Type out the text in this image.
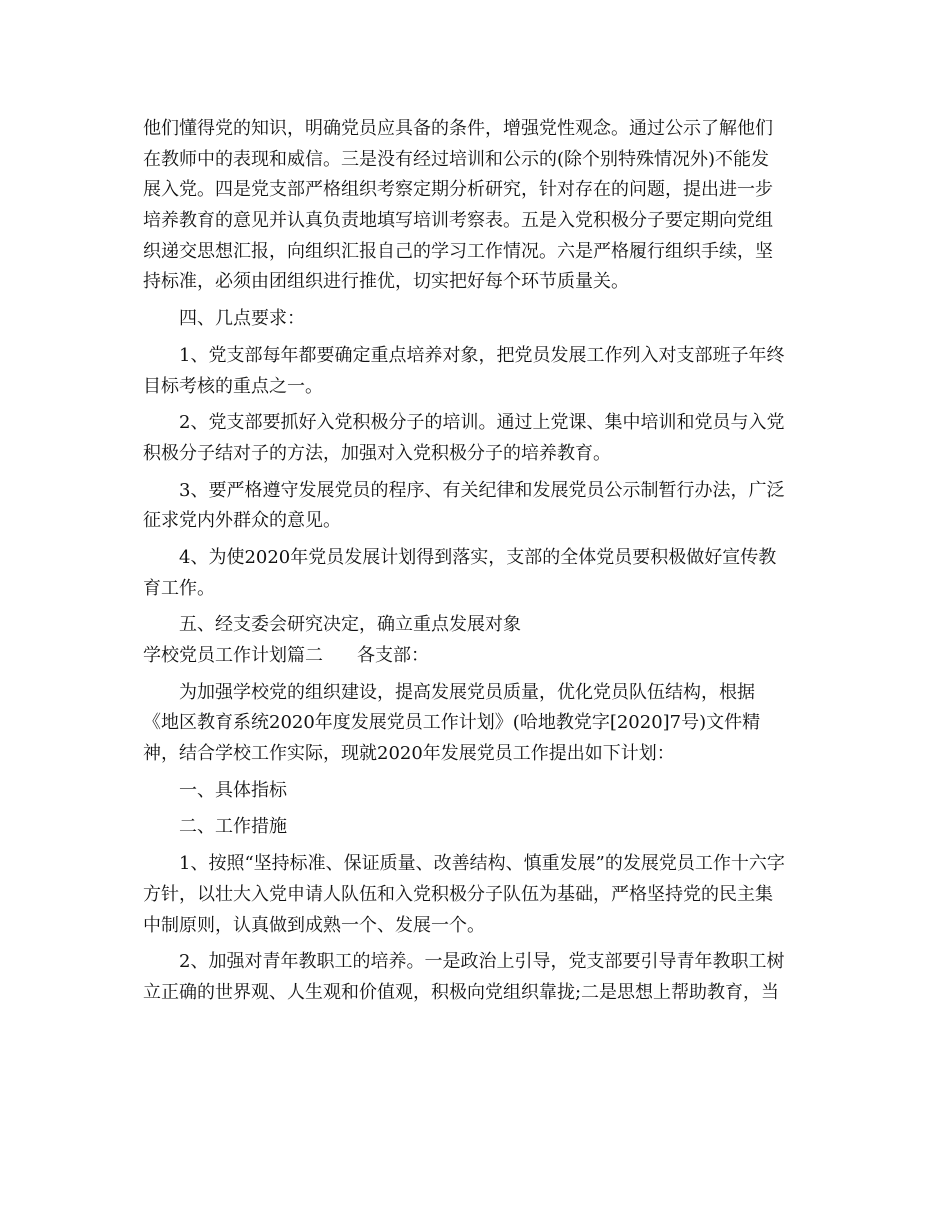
他们懂得党的知识，明确党员应具备的条件，增强党性观念。通过公示了解他们
在教师中的表现和威信。三是没有经过培训和公示的(除个别特殊情况外)不能发
展入党。四是党支部严格组织考察定期分析研究，针对存在的问题，提出进一步
培养教育的意见并认真负责地填写培训考察表。五是入党积极分子要定期向党组
织递交思想汇报，向组织汇报自己的学习工作情况。六是严格履行组织手续，坚
持标准，必须由团组织进行推优，切实把好每个环节质量关。
四、几点要求：
1、党支部每年都要确定重点培养对象，把党员发展工作列入对支部班子年终
目标考核的重点之一。
2、党支部要抓好入党积极分子的培训。通过上党课、集中培训和党员与入党
积极分子结对子的方法，加强对入党积极分子的培养教育。
3、要严格遵守发展党员的程序、有关纪律和发展党员公示制暂行办法，广泛
征求党内外群众的意见。
4、为使2020年党员发展计划得到落实，支部的全体党员要积极做好宣传教
育工作。
五、经支委会研究决定，确立重点发展对象
学校党员工作计划篇二 各支部：
为加强学校党的组织建设，提高发展党员质量，优化党员队伍结构，根据
《地区教育系统2020年度发展党员工作计划》(哈地教党字[2020]7号)文件精
神，结合学校工作实际，现就2020年发展党员工作提出如下计划：
一、具体指标
二、工作措施
1、按照“坚持标准、保证质量、改善结构、慎重发展”的发展党员工作十六字
方针，以壮大入党申请人队伍和入党积极分子队伍为基础，严格坚持党的民主集
中制原则，认真做到成熟一个、发展一个。
2、加强对青年教职工的培养。一是政治上引导，党支部要引导青年教职工树
立正确的世界观、人生观和价值观，积极向党组织靠拢;二是思想上帮助教育，当
